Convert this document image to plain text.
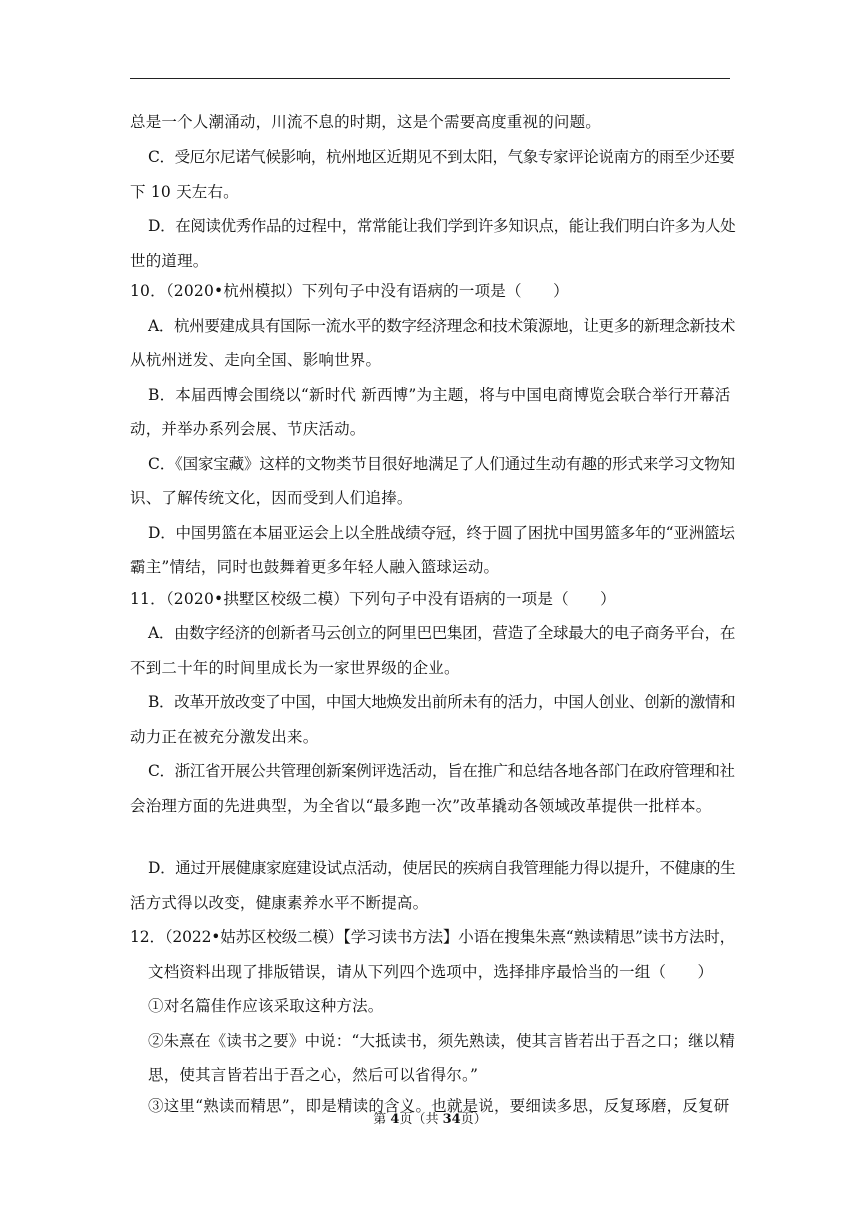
总是一个人潮涌动，川流不息的时期，这是个需要高度重视的问题。
C．受厄尔尼诺气候影响，杭州地区近期见不到太阳，气象专家评论说南方的雨至少还要
下 10 天左右。
D．在阅读优秀作品的过程中，常常能让我们学到许多知识点，能让我们明白许多为人处
世的道理。
10．（2020•杭州模拟）下列句子中没有语病的一项是（　　）
A．杭州要建成具有国际一流水平的数字经济理念和技术策源地，让更多的新理念新技术
从杭州迸发、走向全国、影响世界。
B．本届西博会围绕以“新时代 新西博”为主题，将与中国电商博览会联合举行开幕活
动，并举办系列会展、节庆活动。
C．《国家宝藏》这样的文物类节目很好地满足了人们通过生动有趣的形式来学习文物知
识、了解传统文化，因而受到人们追捧。
D．中国男篮在本届亚运会上以全胜战绩夺冠，终于圆了困扰中国男篮多年的“亚洲篮坛
霸主”情结，同时也鼓舞着更多年轻人融入篮球运动。
11．（2020•拱墅区校级二模）下列句子中没有语病的一项是（　　）
A．由数字经济的创新者马云创立的阿里巴巴集团，营造了全球最大的电子商务平台，在
不到二十年的时间里成长为一家世界级的企业。
B．改革开放改变了中国，中国大地焕发出前所未有的活力，中国人创业、创新的激情和
动力正在被充分激发出来。
C．浙江省开展公共管理创新案例评选活动，旨在推广和总结各地各部门在政府管理和社
会治理方面的先进典型，为全省以“最多跑一次”改革撬动各领域改革提供一批样本。
D．通过开展健康家庭建设试点活动，使居民的疾病自我管理能力得以提升，不健康的生
活方式得以改变，健康素养水平不断提高。
12．（2022•姑苏区校级二模）【学习读书方法】小语在搜集朱熹“熟读精思”读书方法时，
文档资料出现了排版错误，请从下列四个选项中，选择排序最恰当的一组（　　）
①对名篇佳作应该采取这种方法。
②朱熹在《读书之要》中说：“大抵读书，须先熟读，使其言皆若出于吾之口；继以精
思，使其言皆若出于吾之心，然后可以省得尔。”
③这里“熟读而精思”，即是精读的含义。也就是说，要细读多思，反复琢磨，反复研
第 4页（共 34页）
